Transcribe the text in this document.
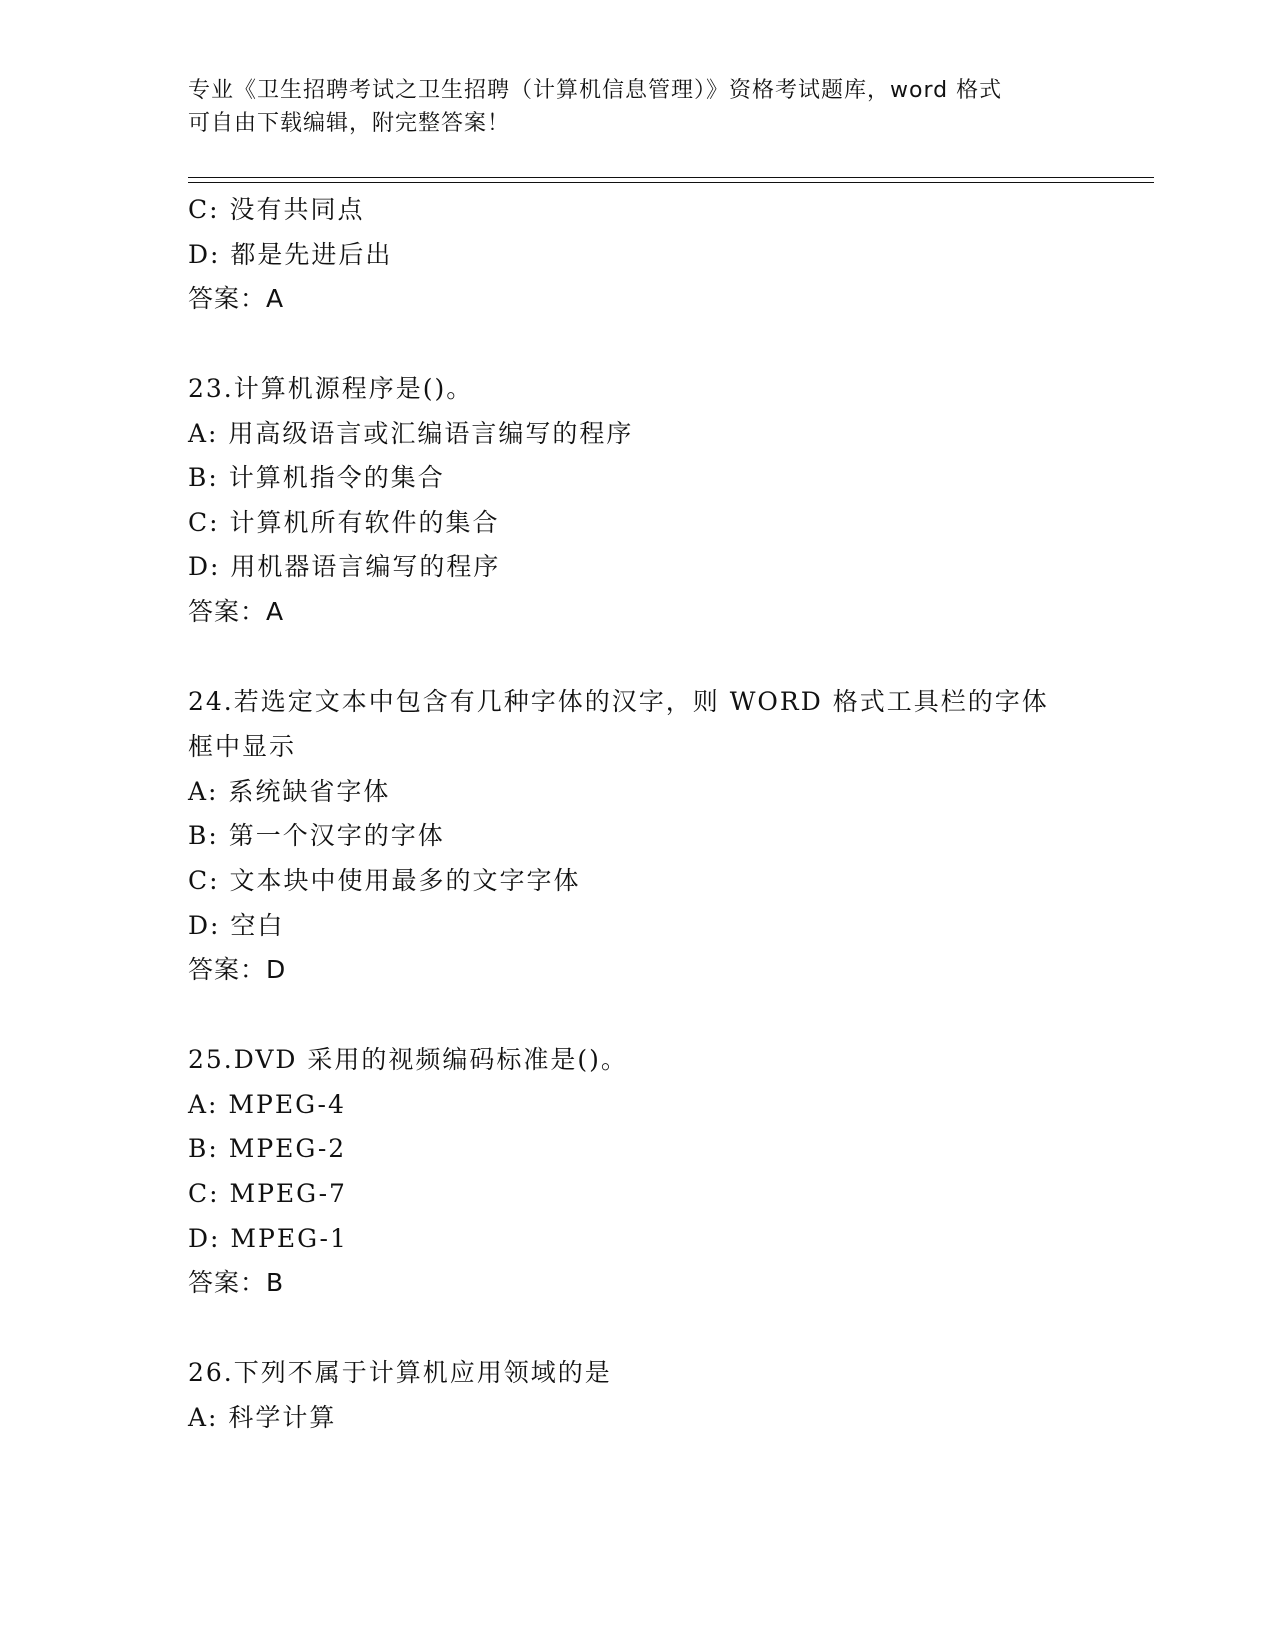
专业《卫生招聘考试之卫生招聘（计算机信息管理）》资格考试题库，word 格式
可自由下载编辑，附完整答案！
C: 没有共同点
D: 都是先进后出
答案：A
23.计算机源程序是()。
A: 用高级语言或汇编语言编写的程序
B: 计算机指令的集合
C: 计算机所有软件的集合
D: 用机器语言编写的程序
答案：A
24.若选定文本中包含有几种字体的汉字，则 WORD 格式工具栏的字体
框中显示
A: 系统缺省字体
B: 第一个汉字的字体
C: 文本块中使用最多的文字字体
D: 空白
答案：D
25.DVD 采用的视频编码标准是()。
A: MPEG-4
B: MPEG-2
C: MPEG-7
D: MPEG-1
答案：B
26.下列不属于计算机应用领域的是
A: 科学计算
